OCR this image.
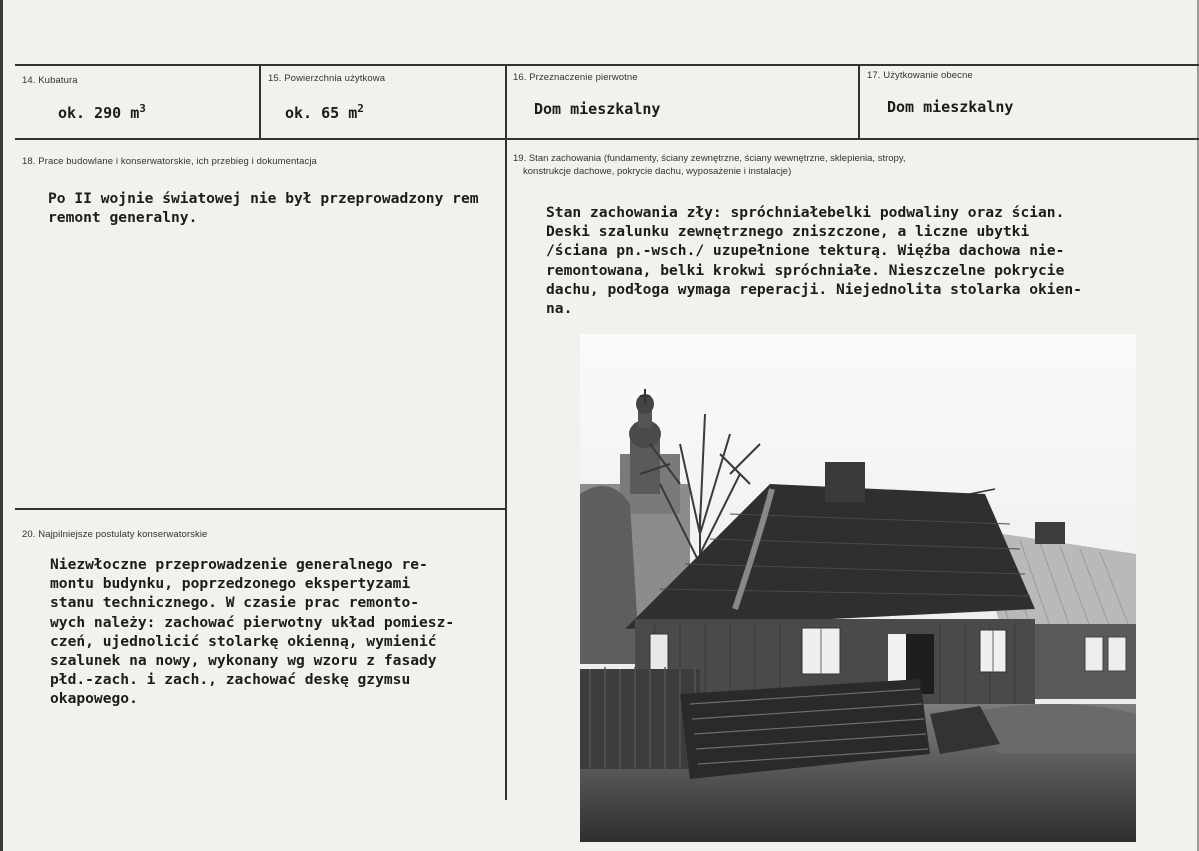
14. Kubatura
ok. 290 $m^3$
15. Powierzchnia użytkowa
ok. 65 $m^2$
16. Przeznaczenie pierwotne
Dom mieszkalny
17. Użytkowanie obecne
Dom mieszkalny
18. Prace budowlane i konserwatorskie, ich przebieg i dokumentacja
Po II wojnie światowej nie był przeprowadzony rem
remont generalny.
19. Stan zachowania (fundamenty, ściany zewnętrzne, ściany wewnętrzne, sklepienia, stropy,
konstrukcje dachowe, pokrycie dachu, wyposażenie i instalacje)
Stan zachowania zły: spróchniałebelki podwaliny oraz ścian.
Deski szalunku zewnętrznego zniszczone, a liczne ubytki
/ściana pn.-wsch./ uzupełnione tekturą. Więźba dachowa nie-
remontowana, belki krokwi spróchniałe. Nieszczelne pokrycie
dachu, podłoga wymaga reperacji. Niejednolita stolarka okien-
na.
20. Najpilniejsze postulaty konserwatorskie
Niezwłoczne przeprowadzenie generalnego re-
montu budynku, poprzedzonego ekspertyzami
stanu technicznego. W czasie prac remonto-
wych należy: zachować pierwotny układ pomiesz-
czeń, ujednolicić stolarkę okienną, wymienić
szalunek na nowy, wykonany wg wzoru z fasady
płd.-zach. i zach., zachować deskę gzymsu
okapowego.
